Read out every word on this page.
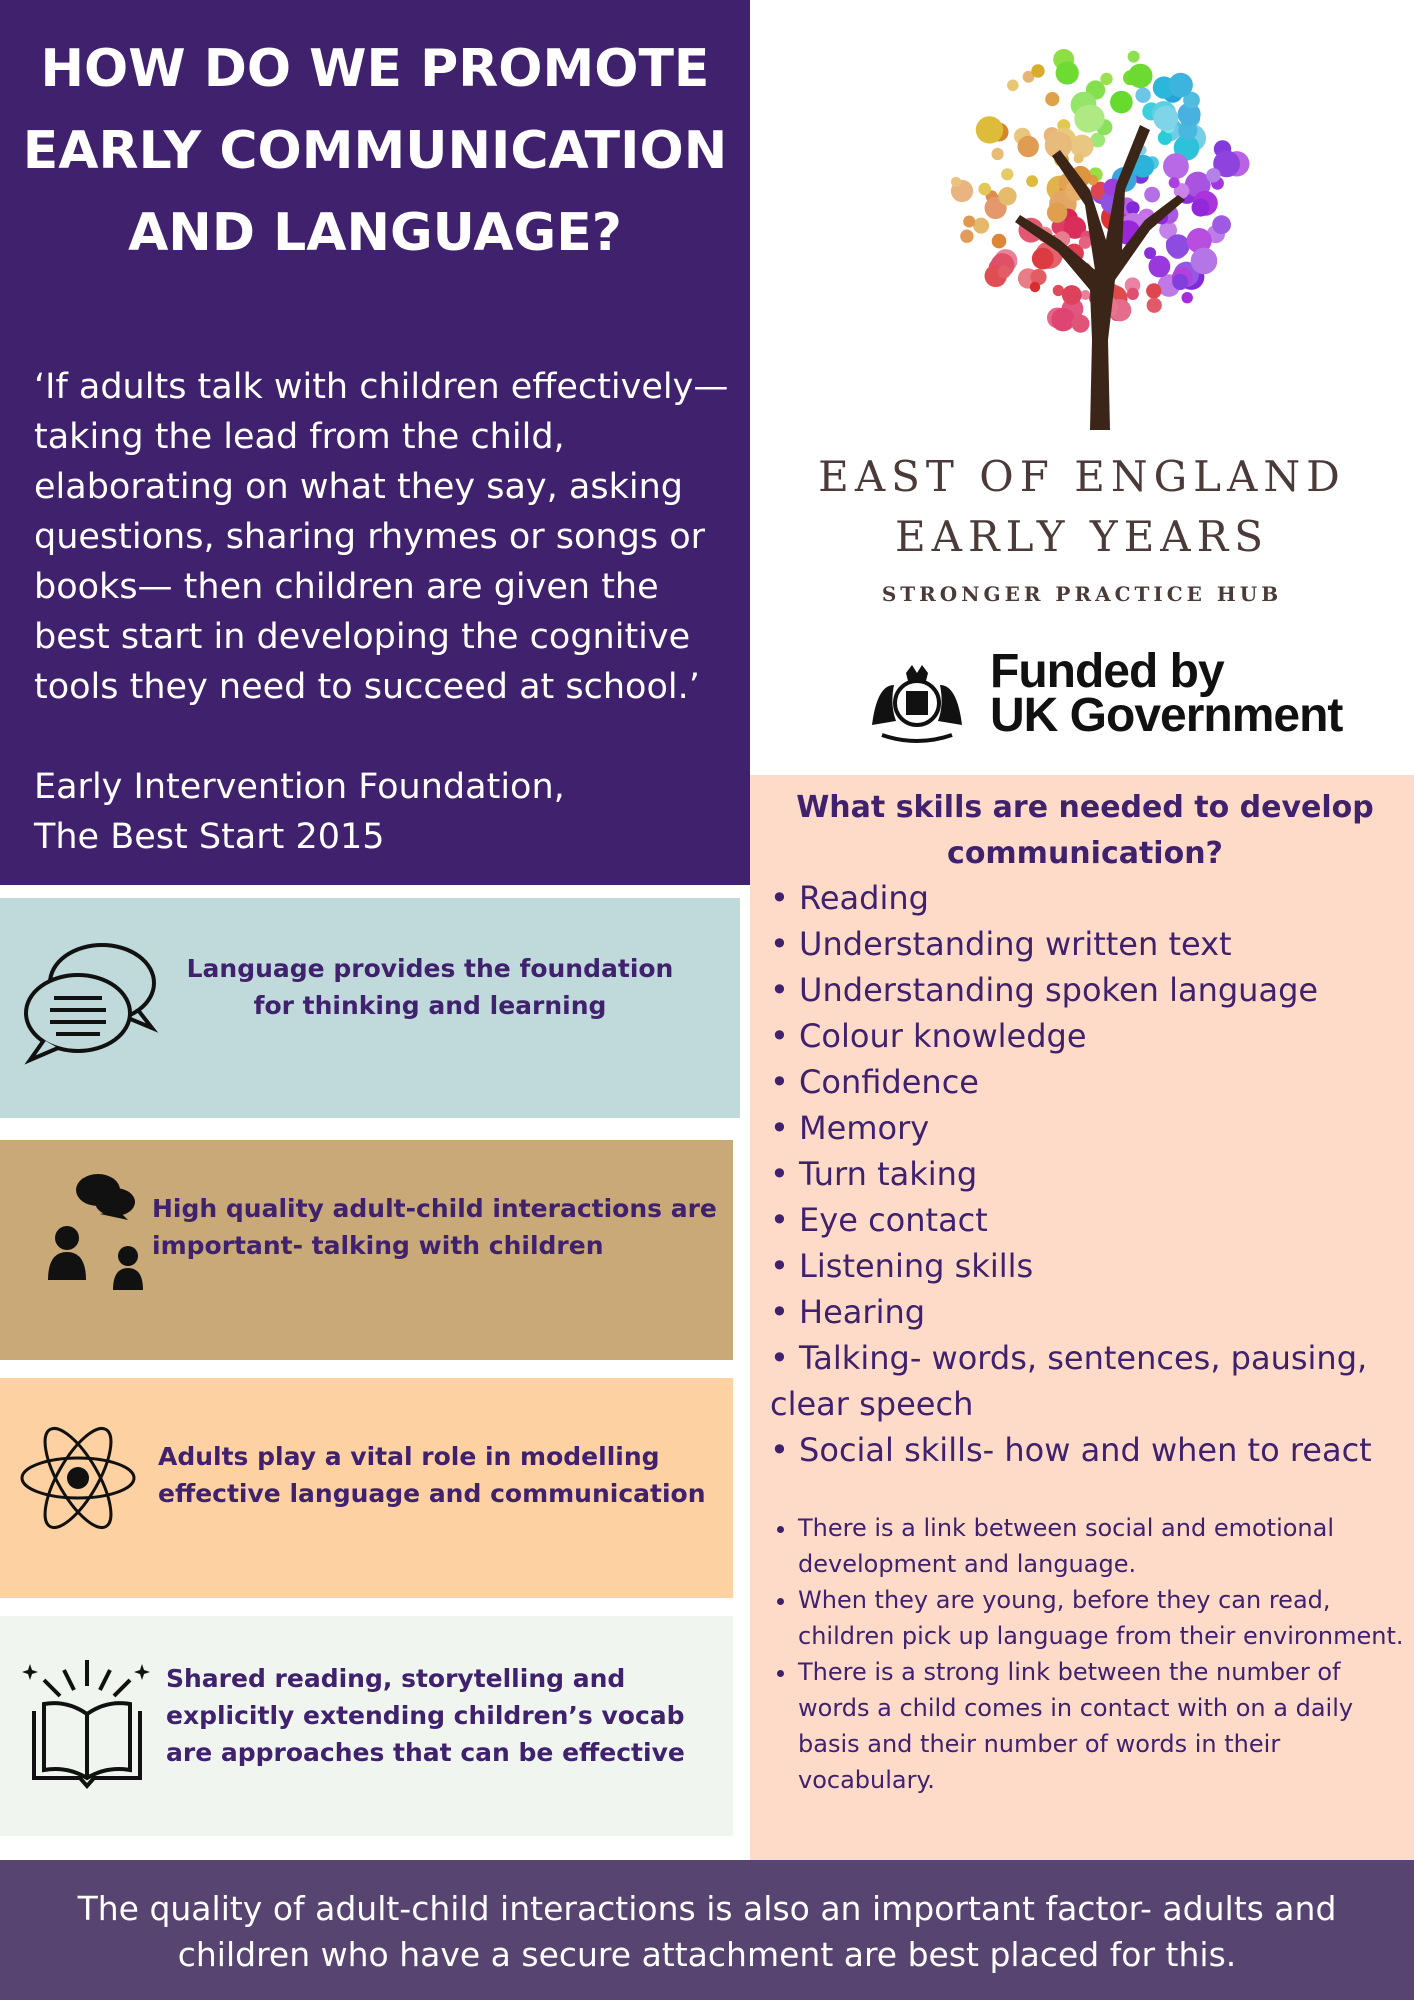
HOW DO WE PROMOTE EARLY COMMUNICATION AND LANGUAGE?
‘If adults talk with children effectively—taking the lead from the child, elaborating on what they say, asking questions, sharing rhymes or songs or books— then children are given the best start in developing the cognitive tools they need to succeed at school.’
Early Intervention Foundation,
The Best Start 2015
EAST OF ENGLAND
EARLY YEARS
STRONGER PRACTICE HUB
Funded by
UK Government
Language provides the foundation for thinking and learning
High quality adult-child interactions are important- talking with children
Adults play a vital role in modelling effective language and communication
Shared reading, storytelling and explicitly extending children’s vocab are approaches that can be effective
What skills are needed to develop communication?
• Reading
• Understanding written text
• Understanding spoken language
• Colour knowledge
• Confidence
• Memory
• Turn taking
• Eye contact
• Listening skills
• Hearing
• Talking- words, sentences, pausing, clear speech
• Social skills- how and when to react
• There is a link between social and emotional development and language.
• When they are young, before they can read, children pick up language from their environment.
• There is a strong link between the number of words a child comes in contact with on a daily basis and their number of words in their vocabulary.
The quality of adult-child interactions is also an important factor- adults and children who have a secure attachment are best placed for this.
